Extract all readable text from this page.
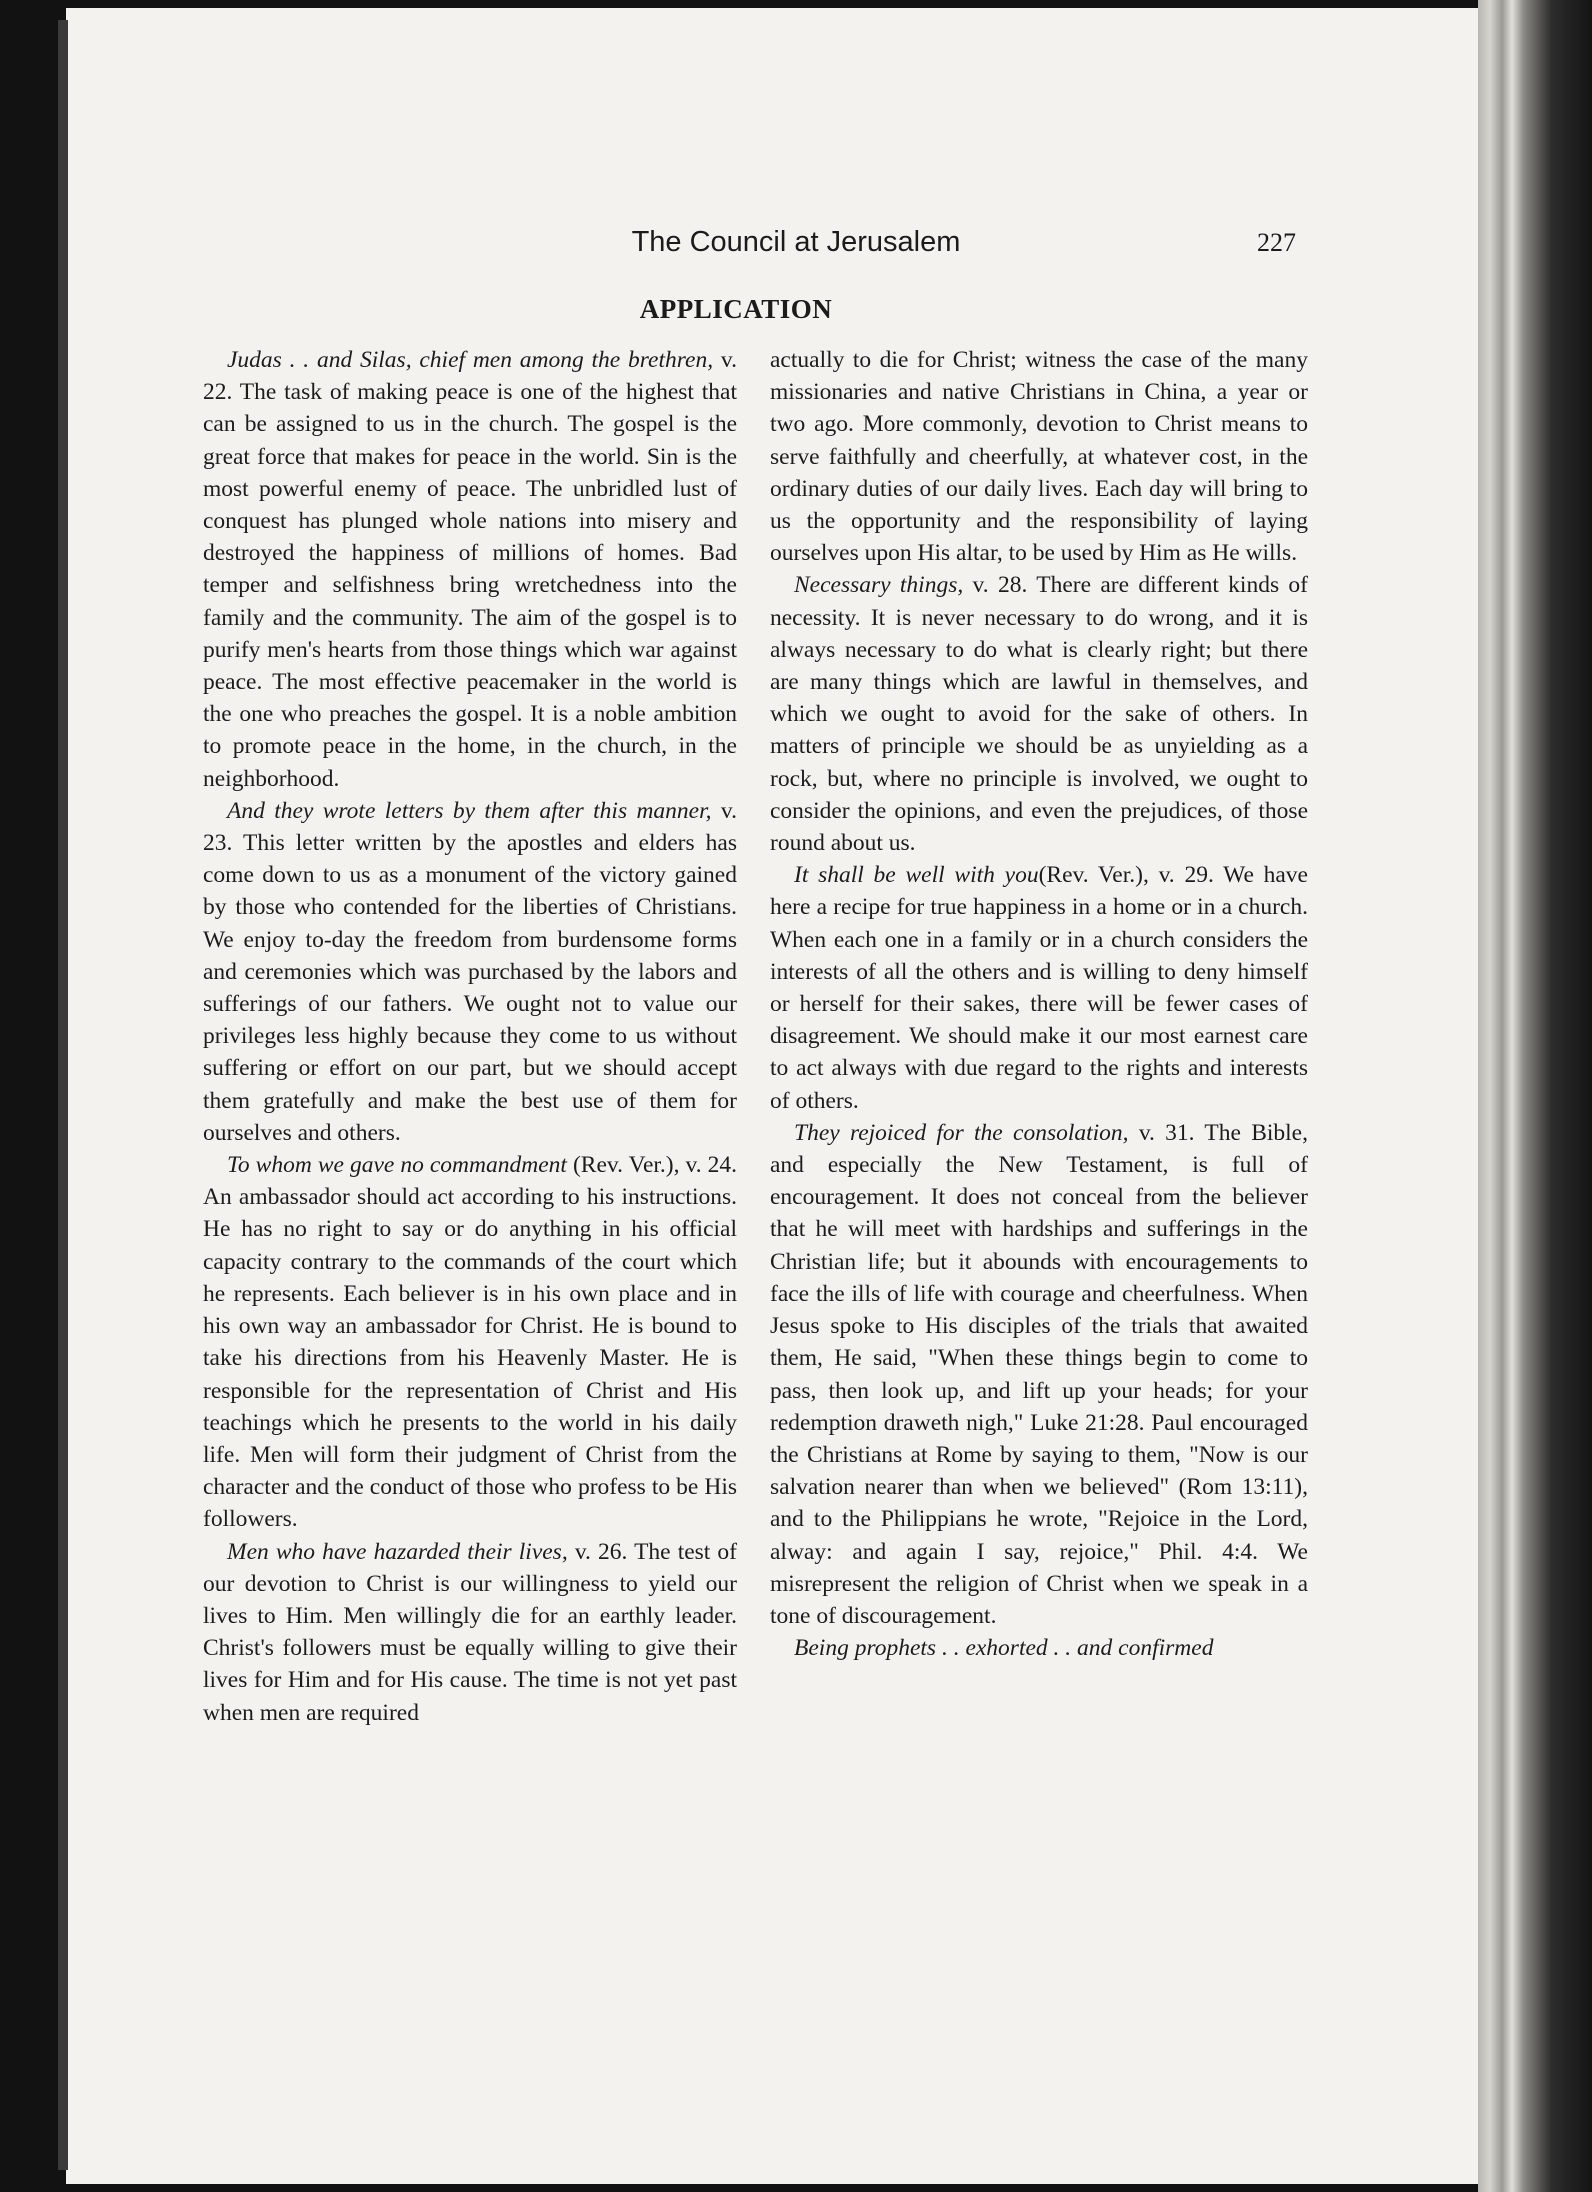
The Council at Jerusalem	227
APPLICATION

Judas . . and Silas, chief men among the brethren, v. 22. The task of making peace is one of the highest that can be assigned to us in the church. The gospel is the great force that makes for peace in the world. Sin is the most powerful enemy of peace. The unbridled lust of conquest has plunged whole nations into misery and destroyed the happiness of millions of homes. Bad temper and selfishness bring wretchedness into the family and the community. The aim of the gospel is to purify men's hearts from those things which war against peace. The most effective peacemaker in the world is the one who preaches the gospel. It is a noble ambition to promote peace in the home, in the church, in the neighborhood.

And they wrote letters by them after this manner, v. 23. This letter written by the apostles and elders has come down to us as a monument of the victory gained by those who contended for the liberties of Christians. We enjoy to-day the freedom from burdensome forms and ceremonies which was purchased by the labors and sufferings of our fathers. We ought not to value our privileges less highly because they come to us without suffering or effort on our part, but we should accept them gratefully and make the best use of them for ourselves and others.

To whom we gave no commandment (Rev. Ver.), v. 24. An ambassador should act according to his instructions. He has no right to say or do anything in his official capacity contrary to the commands of the court which he represents. Each believer is in his own place and in his own way an ambassador for Christ. He is bound to take his directions from his Heavenly Master. He is responsible for the representation of Christ and His teachings which he presents to the world in his daily life. Men will form their judgment of Christ from the character and the conduct of those who profess to be His followers.

Men who have hazarded their lives, v. 26. The test of our devotion to Christ is our willingness to yield our lives to Him. Men willingly die for an earthly leader. Christ's followers must be equally willing to give their lives for Him and for His cause. The time is not yet past when men are required

actually to die for Christ; witness the case of the many missionaries and native Christians in China, a year or two ago. More commonly, devotion to Christ means to serve faithfully and cheerfully, at whatever cost, in the ordinary duties of our daily lives. Each day will bring to us the opportunity and the responsibility of laying ourselves upon His altar, to be used by Him as He wills.

Necessary things, v. 28. There are different kinds of necessity. It is never necessary to do wrong, and it is always necessary to do what is clearly right; but there are many things which are lawful in themselves, and which we ought to avoid for the sake of others. In matters of principle we should be as unyielding as a rock, but, where no principle is involved, we ought to consider the opinions, and even the prejudices, of those round about us.

It shall be well with you(Rev. Ver.), v. 29. We have here a recipe for true happiness in a home or in a church. When each one in a family or in a church considers the interests of all the others and is willing to deny himself or herself for their sakes, there will be fewer cases of disagreement. We should make it our most earnest care to act always with due regard to the rights and interests of others.

They rejoiced for the consolation, v. 31. The Bible, and especially the New Testament, is full of encouragement. It does not conceal from the believer that he will meet with hardships and sufferings in the Christian life; but it abounds with encouragements to face the ills of life with courage and cheerfulness. When Jesus spoke to His disciples of the trials that awaited them, He said, "When these things begin to come to pass, then look up, and lift up your heads; for your redemption draweth nigh," Luke 21:28. Paul encouraged the Christians at Rome by saying to them, "Now is our salvation nearer than when we believed" (Rom 13:11), and to the Philippians he wrote, "Rejoice in the Lord, alway: and again I say, rejoice," Phil. 4:4. We misrepresent the religion of Christ when we speak in a tone of discouragement.

Being prophets . . exhorted . . and confirmed
